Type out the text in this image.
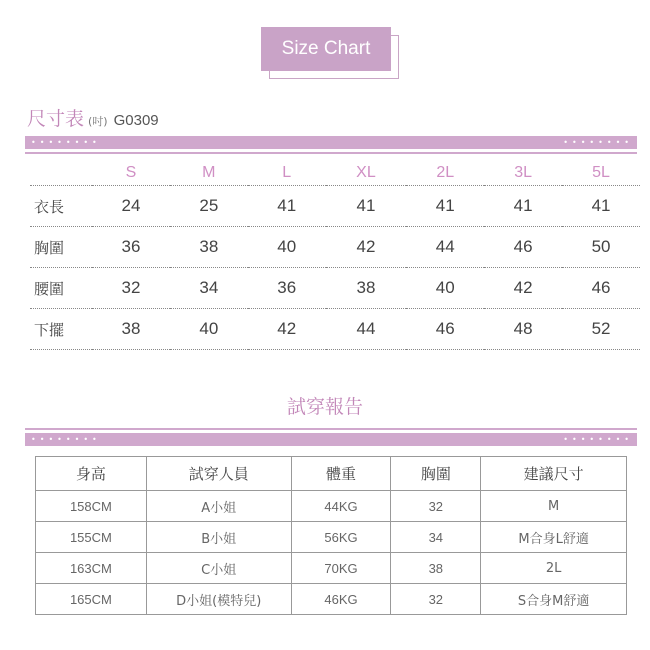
Size Chart
尺寸表 (吋) G0309
••••••••	••••••••
	S	M	L	XL	2L	3L	5L
衣長	24	25	41	41	41	41	41
胸圍	36	38	40	42	44	46	50
腰圍	32	34	36	38	40	42	46
下擺	38	40	42	44	46	48	52
試穿報告
••••••••	••••••••
身高	試穿人員	體重	胸圍	建議尺寸
158CM	A小姐	44KG	32	M
155CM	B小姐	56KG	34	M合身L舒適
163CM	C小姐	70KG	38	2L
165CM	D小姐(模特兒)	46KG	32	S合身M舒適
